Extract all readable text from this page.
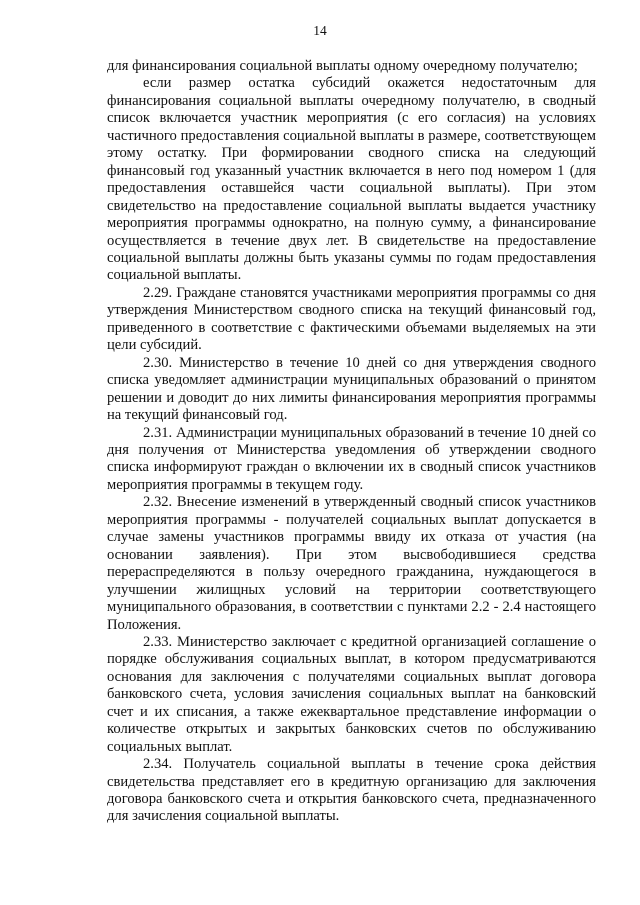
14

для финансирования социальной выплаты одному очередному получателю;

если размер остатка субсидий окажется недостаточным для финансирования социальной выплаты очередному получателю, в сводный список включается участник мероприятия (с его согласия) на условиях частичного предоставления социальной выплаты в размере, соответствующем этому остатку. При формировании сводного списка на следующий финансовый год указанный участник включается в него под номером 1 (для предоставления оставшейся части социальной выплаты). При этом свидетельство на предоставление социальной выплаты выдается участнику мероприятия программы однократно, на полную сумму, а финансирование осуществляется в течение двух лет. В свидетельстве на предоставление социальной выплаты должны быть указаны суммы по годам предоставления социальной выплаты.

2.29. Граждане становятся участниками мероприятия программы со дня утверждения Министерством сводного списка на текущий финансовый год, приведенного в соответствие с фактическими объемами выделяемых на эти цели субсидий.

2.30. Министерство в течение 10 дней со дня утверждения сводного списка уведомляет администрации муниципальных образований о принятом решении и доводит до них лимиты финансирования мероприятия программы на текущий финансовый год.

2.31. Администрации муниципальных образований в течение 10 дней со дня получения от Министерства уведомления об утверждении сводного списка информируют граждан о включении их в сводный список участников мероприятия программы в текущем году.

2.32. Внесение изменений в утвержденный сводный список участников мероприятия программы - получателей социальных выплат допускается в случае замены участников программы ввиду их отказа от участия (на основании заявления). При этом высвободившиеся средства перераспределяются в пользу очередного гражданина, нуждающегося в улучшении жилищных условий на территории соответствующего муниципального образования, в соответствии с пунктами 2.2 - 2.4 настоящего Положения.

2.33. Министерство заключает с кредитной организацией соглашение о порядке обслуживания социальных выплат, в котором предусматриваются основания для заключения с получателями социальных выплат договора банковского счета, условия зачисления социальных выплат на банковский счет и их списания, а также ежеквартальное представление информации о количестве открытых и закрытых банковских счетов по обслуживанию социальных выплат.

2.34. Получатель социальной выплаты в течение срока действия свидетельства представляет его в кредитную организацию для заключения договора банковского счета и открытия банковского счета, предназначенного для зачисления социальной выплаты.
